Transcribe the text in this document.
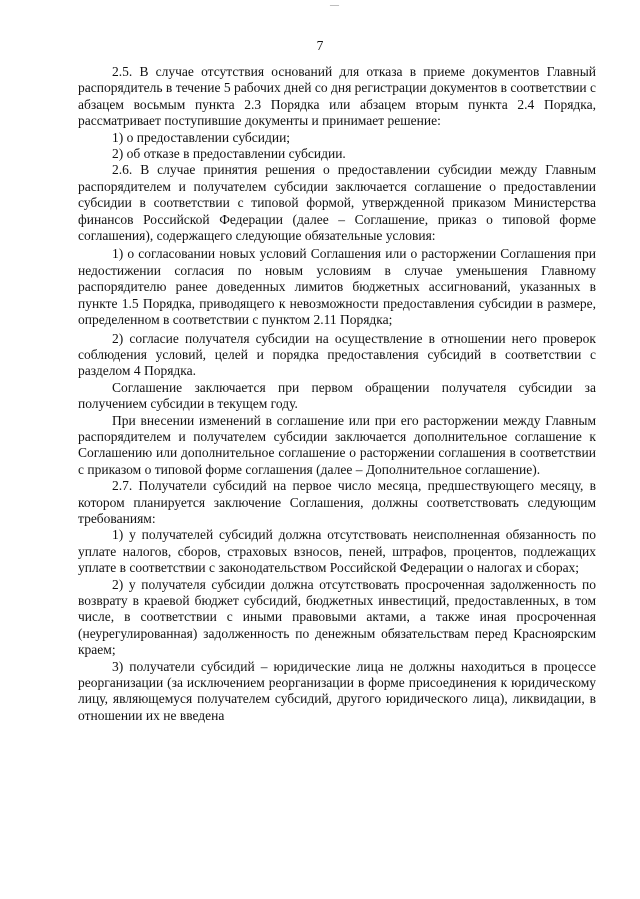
—
7

2.5. В случае отсутствия оснований для отказа в приеме документов Главный распорядитель в течение 5 рабочих дней со дня регистрации документов в соответствии с абзацем восьмым пункта 2.3 Порядка или абзацем вторым пункта 2.4 Порядка, рассматривает поступившие документы и принимает решение:

1) о предоставлении субсидии;

2) об отказе в предоставлении субсидии.

2.6. В случае принятия решения о предоставлении субсидии между Главным распорядителем и получателем субсидии заключается соглашение о предоставлении субсидии в соответствии с типовой формой, утвержденной приказом Министерства финансов Российской Федерации (далее – Соглашение, приказ о типовой форме соглашения), содержащего следующие обязательные условия:

1) о согласовании новых условий Соглашения или о расторжении Соглашения при недостижении согласия по новым условиям в случае уменьшения Главному распорядителю ранее доведенных лимитов бюджетных ассигнований, указанных в пункте 1.5 Порядка, приводящего к невозможности предоставления субсидии в размере, определенном в соответствии с пунктом 2.11 Порядка;

2) согласие получателя субсидии на осуществление в отношении него проверок соблюдения условий, целей и порядка предоставления субсидий в соответствии с разделом 4 Порядка.

Соглашение заключается при первом обращении получателя субсидии за получением субсидии в текущем году.

При внесении изменений в соглашение или при его расторжении между Главным распорядителем и получателем субсидии заключается дополнительное соглашение к Соглашению или дополнительное соглашение о расторжении соглашения в соответствии с приказом о типовой форме соглашения (далее – Дополнительное соглашение).

2.7. Получатели субсидий на первое число месяца, предшествующего месяцу, в котором планируется заключение Соглашения, должны соответствовать следующим требованиям:

1) у получателей субсидий должна отсутствовать неисполненная обязанность по уплате налогов, сборов, страховых взносов, пеней, штрафов, процентов, подлежащих уплате в соответствии с законодательством Российской Федерации о налогах и сборах;

2) у получателя субсидии должна отсутствовать просроченная задолженность по возврату в краевой бюджет субсидий, бюджетных инвестиций, предоставленных, в том числе, в соответствии с иными правовыми актами, а также иная просроченная (неурегулированная) задолженность по денежным обязательствам перед Красноярским краем;

3) получатели субсидий – юридические лица не должны находиться в процессе реорганизации (за исключением реорганизации в форме присоединения к юридическому лицу, являющемуся получателем субсидий, другого юридического лица), ликвидации, в отношении их не введена
